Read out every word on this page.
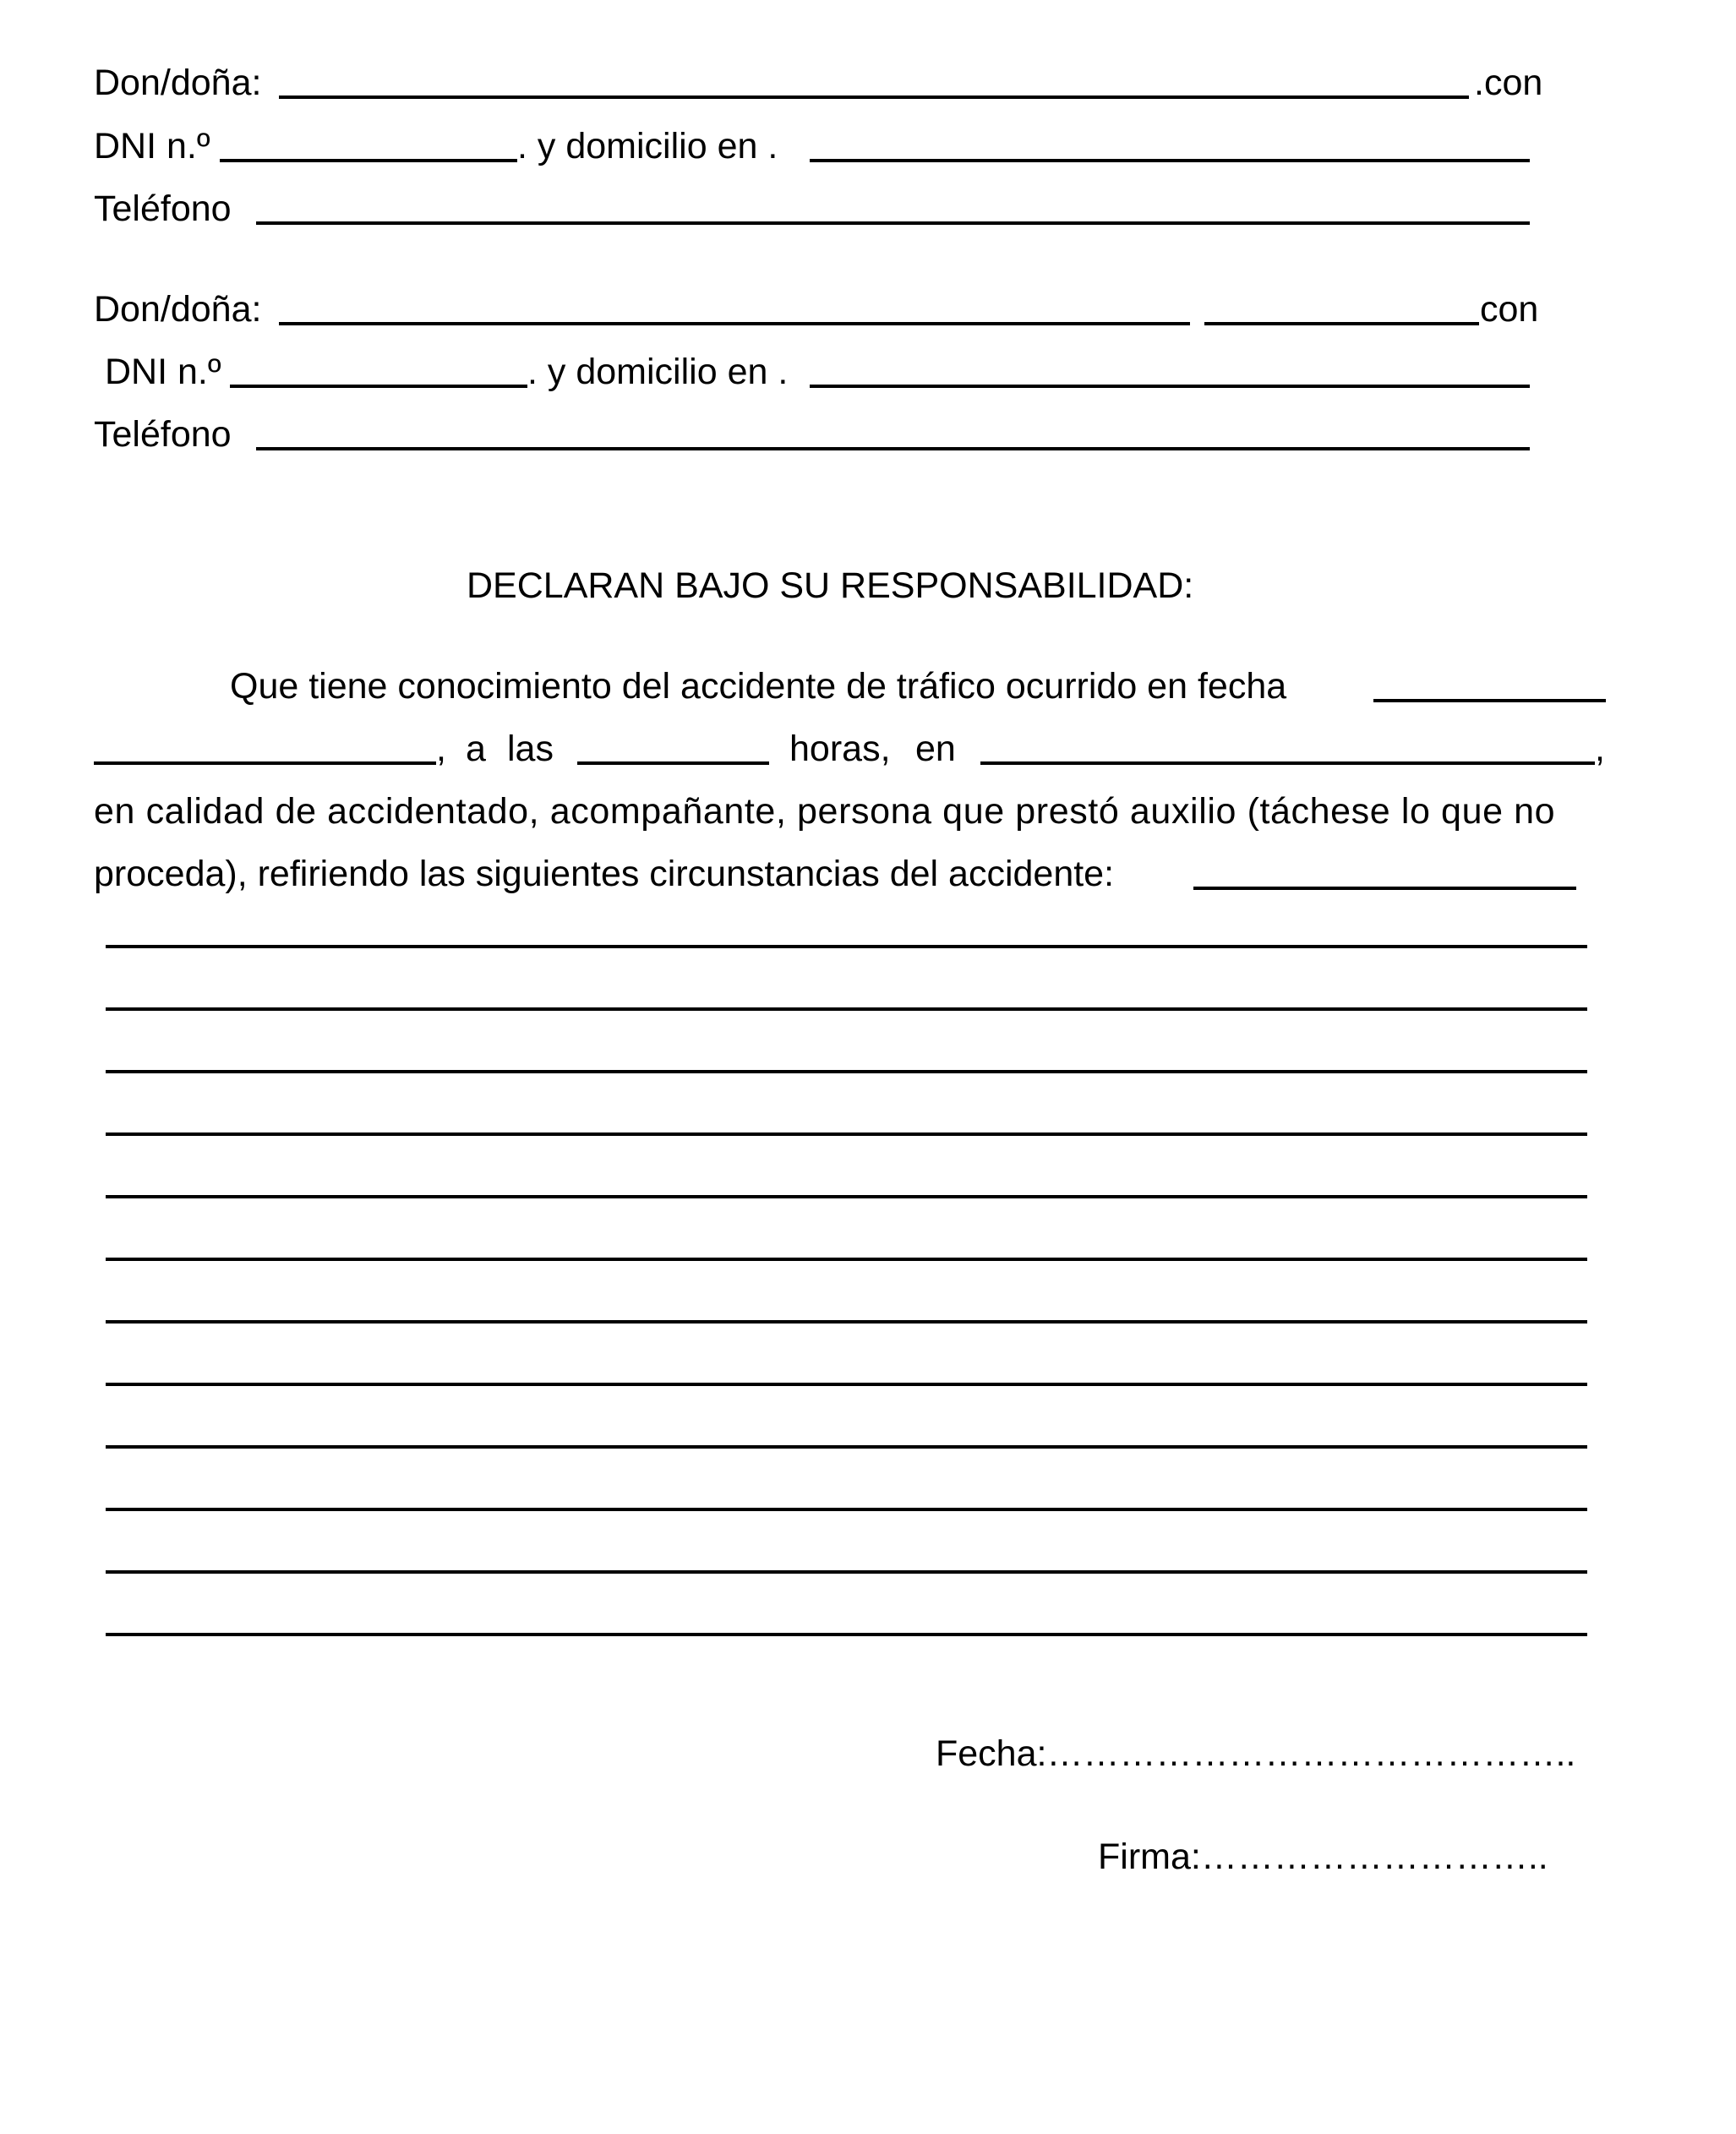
Don/doña:	.con
DNI n.º	. y domicilio en .
Teléfono
Don/doña:	con
DNI n.º	. y domicilio en .
Teléfono
DECLARAN BAJO SU RESPONSABILIDAD:
Que tiene conocimiento del accidente de tráfico ocurrido en fecha
, a las	horas, en	,
en calidad de accidentado, acompañante, persona que prestó auxilio (táchese lo que no
proceda), refiriendo las siguientes circunstancias del accidente:
Fecha:……………………………………..
Firma:………………………..
